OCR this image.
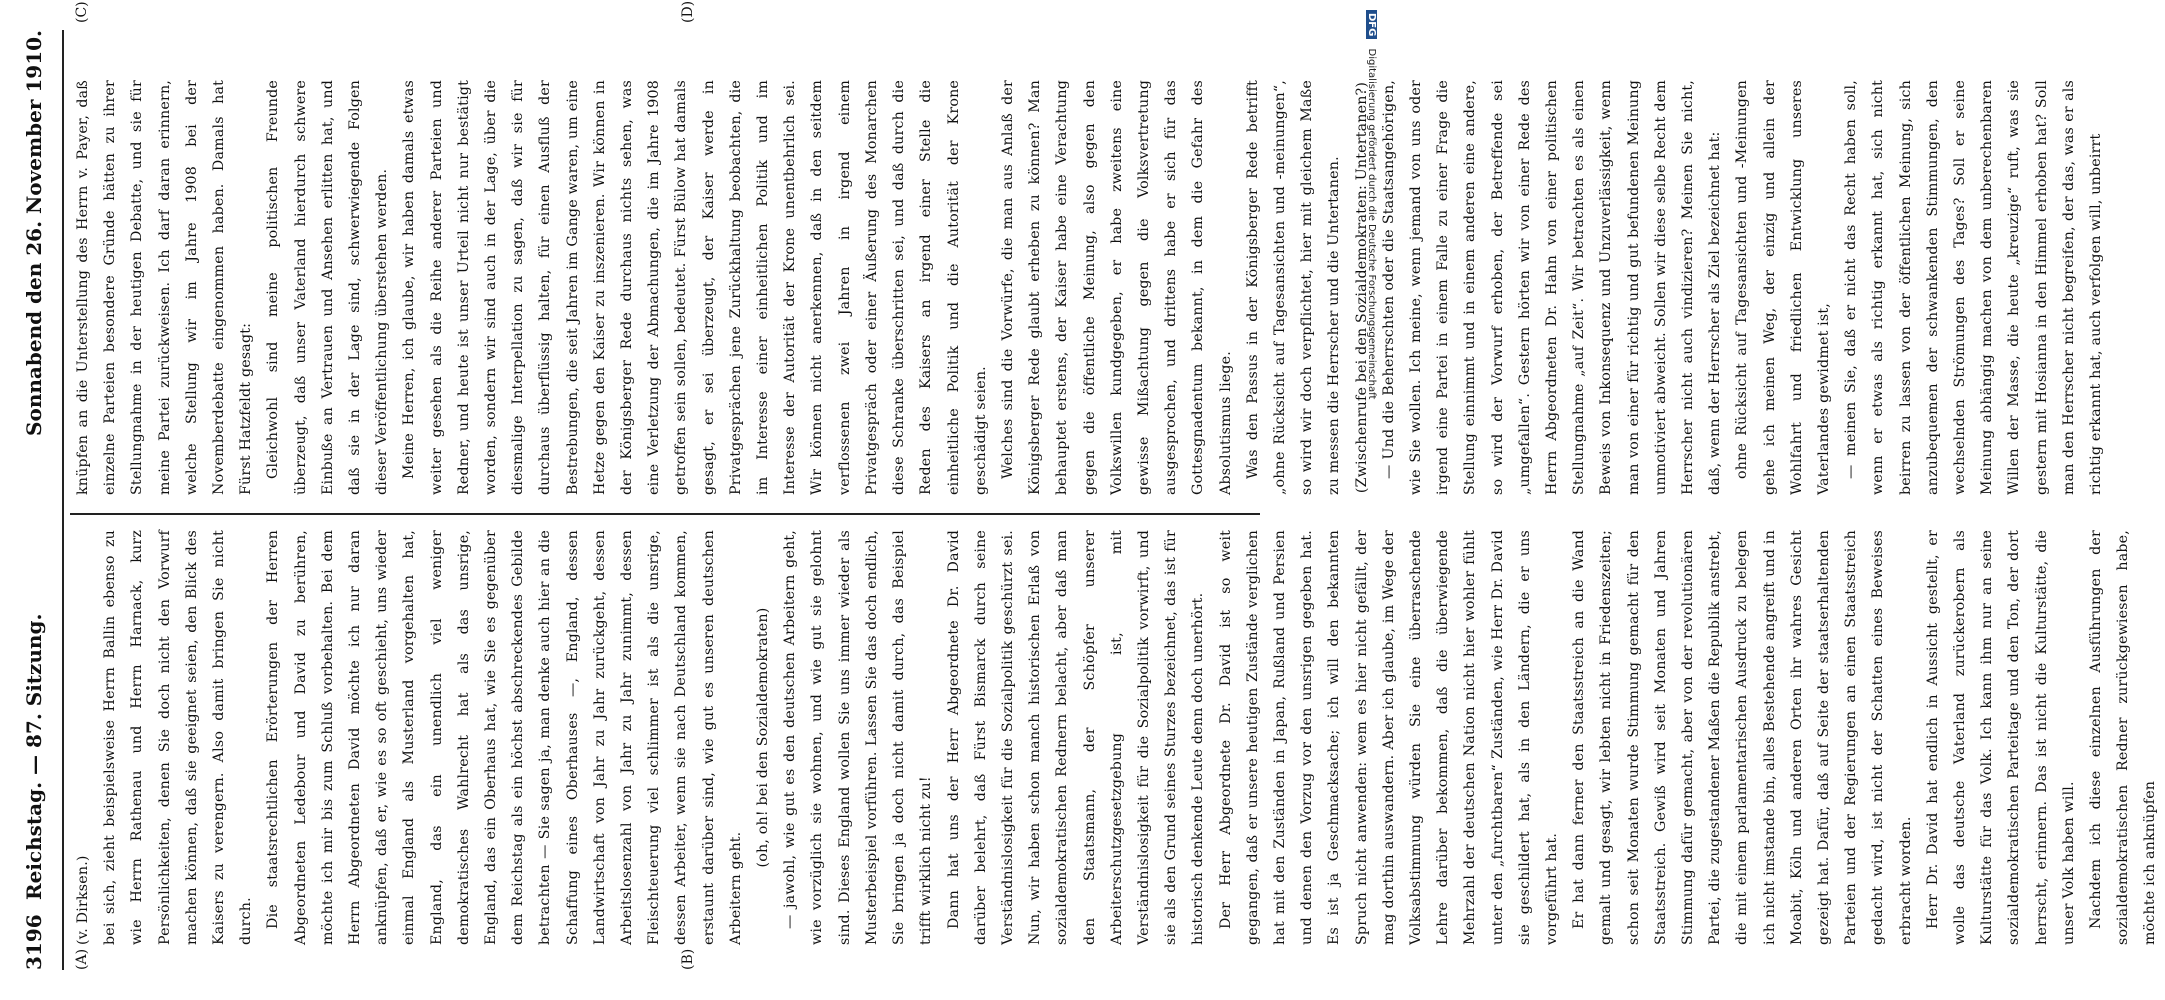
3196
Reichstag. — 87. Sitzung.
Sonnabend den 26. November 1910.
(A)	(B)
(C)	(D)

(v. Dirksen.) bei sich, zieht beispielsweise Herrn Ballin ebenso zu wie Herrn Rathenau und Herrn Harnack, kurz Persönlichkeiten, denen Sie doch nicht den Vorwurf machen können, daß sie geeignet seien, den Blick des Kaisers zu verengern. Also damit bringen Sie nicht durch. Die staatsrechtlichen Erörterungen der Herren Abgeordneten Ledebour und David zu berühren, möchte ich mir bis zum Schluß vorbehalten. Bei dem Herrn Abgeordneten David möchte ich nur daran anknüpfen, daß er, wie es so oft geschieht, uns wieder einmal England als Musterland vorgehalten hat, England, das ein unendlich viel weniger demokratisches Wahlrecht hat als das unsrige, England, das ein Oberhaus hat, wie Sie es gegenüber dem Reichstag als ein höchst abschreckendes Gebilde betrachten — Sie sagen ja, man denke auch hier an die Schaffung eines Oberhauses —, England, dessen Landwirtschaft von Jahr zu Jahr zurückgeht, dessen Arbeitslosenzahl von Jahr zu Jahr zunimmt, dessen Fleischteuerung viel schlimmer ist als die unsrige, dessen Arbeiter, wenn sie nach Deutschland kommen, erstaunt darüber sind, wie gut es unseren deutschen Arbeitern geht.

(oh, oh! bei den Sozialdemokraten) — jawohl, wie gut es den deutschen Arbeitern geht, wie vorzüglich sie wohnen, und wie gut sie gelohnt sind. Dieses England wollen Sie uns immer wieder als Musterbeispiel vorführen. Lassen Sie das doch endlich, Sie bringen ja doch nicht damit durch, das Beispiel trifft wirklich nicht zu! Dann hat uns der Herr Abgeordnete Dr. David darüber belehrt, daß Fürst Bismarck durch seine Verständnislosigkeit für die Sozialpolitik geschürzt sei. Nun, wir haben schon manch historischen Erlaß von sozialdemokratischen Rednern belacht, aber daß man den Staatsmann, der Schöpfer unserer Arbeiterschutzgesetzgebung ist, mit Verständnislosigkeit für die Sozialpolitik vorwirft, und sie als den Grund seines Sturzes bezeichnet, das ist für historisch denkende Leute denn doch unerhört. Der Herr Abgeordnete Dr. David ist so weit gegangen, daß er unsere heutigen Zustände verglichen hat mit den Zuständen in Japan, Rußland und Persien und denen den Vorzug vor den unsrigen gegeben hat. Es ist ja Geschmacksache; ich will den bekannten Spruch nicht anwenden: wem es hier nicht gefällt, der mag dorthin auswandern. Aber ich glaube, im Wege der Volksabstimmung würden Sie eine überraschende Lehre darüber bekommen, daß die überwiegende Mehrzahl der deutschen Nation nicht hier wohler fühlt unter den „furchtbaren“ Zuständen, wie Herr Dr. David sie geschildert hat, als in den Ländern, die er uns vorgeführt hat. Er hat dann ferner den Staatsstreich an die Wand gemalt und gesagt, wir lebten nicht in Friedenszeiten; schon seit Monaten wurde Stimmung gemacht für den Staatsstreich. Gewiß wird seit Monaten und Jahren Stimmung dafür gemacht, aber von der revolutionären Partei, die zugestandener Maßen die Republik anstrebt, die mit einem parlamentarischen Ausdruck zu belegen ich nicht imstande bin, alles Bestehende angreift und in Moabit, Köln und anderen Orten ihr wahres Gesicht gezeigt hat. Dafür, daß auf Seite der staatserhaltenden Parteien und der Regierungen an einen Staatsstreich gedacht wird, ist nicht der Schatten eines Beweises erbracht worden. Herr Dr. David hat endlich in Aussicht gestellt, er wolle das deutsche Vaterland zurückerobern als Kulturstätte für das Volk. Ich kann ihm nur an seine sozialdemokratischen Parteitage und den Ton, der dort herrscht, erinnern. Das ist nicht die Kulturstätte, die unser Volk haben will. Nachdem ich diese einzelnen Ausführungen der sozialdemokratischen Redner zurückgewiesen habe, möchte ich anknüpfen

knüpfen an die Unterstellung des Herrn v. Payer, daß einzelne Parteien besondere Gründe hätten zu ihrer Stellungnahme in der heutigen Debatte, und sie für meine Partei zurückweisen. Ich darf daran erinnern, welche Stellung wir im Jahre 1908 bei der Novemberdebatte eingenommen haben. Damals hat Fürst Hatzfeldt gesagt: Gleichwohl sind meine politischen Freunde überzeugt, daß unser Vaterland hierdurch schwere Einbuße an Vertrauen und Ansehen erlitten hat, und daß sie in der Lage sind, schwerwiegende Folgen dieser Veröffentlichung überstehen werden. Meine Herren, ich glaube, wir haben damals etwas weiter gesehen als die Reihe anderer Parteien und Redner, und heute ist unser Urteil nicht nur bestätigt worden, sondern wir sind auch in der Lage, über die diesmalige Interpellation zu sagen, daß wir sie für durchaus überflüssig halten, für einen Ausfluß der Bestrebungen, die seit Jahren im Gange waren, um eine Hetze gegen den Kaiser zu inszenieren. Wir können in der Königsberger Rede durchaus nichts sehen, was eine Verletzung der Abmachungen, die im Jahre 1908 getroffen sein sollen, bedeutet. Fürst Bülow hat damals gesagt, er sei überzeugt, der Kaiser werde in Privatgesprächen jene Zurückhaltung beobachten, die im Interesse einer einheitlichen Politik und im Interesse der Autorität der Krone unentbehrlich sei. Wir können nicht anerkennen, daß in den seitdem verflossenen zwei Jahren in irgend einem Privatgespräch oder einer Äußerung des Monarchen diese Schranke überschritten sei, und daß durch die Reden des Kaisers an irgend einer Stelle die einheitliche Politik und die Autorität der Krone geschädigt seien. Welches sind die Vorwürfe, die man aus Anlaß der Königsberger Rede glaubt erheben zu können? Man behauptet erstens, der Kaiser habe eine Verachtung gegen die öffentliche Meinung, also gegen den Volkswillen kundgegeben, er habe zweitens eine gewisse Mißachtung gegen die Volksvertretung ausgesprochen, und drittens habe er sich für das Gottesgnadentum bekannt, in dem die Gefahr des Absolutismus liege. Was den Passus in der Königsberger Rede betrifft „ohne Rücksicht auf Tagesansichten und -meinungen“, so wird wir doch verpflichtet, hier mit gleichem Maße zu messen die Herrscher und die Untertanen. (Zwischenrufe bei den Sozialdemokraten: Untertanen?) — Und die Beherrschten oder die Staatsangehörigen, wie Sie wollen. Ich meine, wenn jemand von uns oder irgend eine Partei in einem Falle zu einer Frage die Stellung einnimmt und in einem anderen eine andere, so wird der Vorwurf erhoben, der Betreffende sei „umgefallen“. Gestern hörten wir von einer Rede des Herrn Abgeordneten Dr. Hahn von einer politischen Stellungnahme „auf Zeit“. Wir betrachten es als einen Beweis von Inkonsequenz und Unzuverlässigkeit, wenn man von einer für richtig und gut befundenen Meinung unmotiviert abweicht. Sollen wir diese selbe Recht dem Herrscher nicht auch vindizieren? Meinen Sie nicht, daß, wenn der Herrscher als Ziel bezeichnet hat: ohne Rücksicht auf Tagesansichten und -Meinungen gehe ich meinen Weg, der einzig und allein der Wohlfahrt und friedlichen Entwicklung unseres Vaterlandes gewidmet ist, — meinen Sie, daß er nicht das Recht haben soll, wenn er etwas als richtig erkannt hat, sich nicht beirren zu lassen von der öffentlichen Meinung, sich anzubequemen der schwankenden Stimmungen, den wechselnden Strömungen des Tages? Soll er seine Meinung abhängig machen von dem unberechenbaren Willen der Masse, die heute „kreuzige“ ruft, was sie gestern mit Hosianna in den Himmel erhoben hat? Soll man den Herrscher nicht begreifen, der das, was er als richtig erkannt hat, auch verfolgen will, unbeirrt

DFG Digitalisierung gefördert durch die Deutsche Forschungsgemeinschaft
